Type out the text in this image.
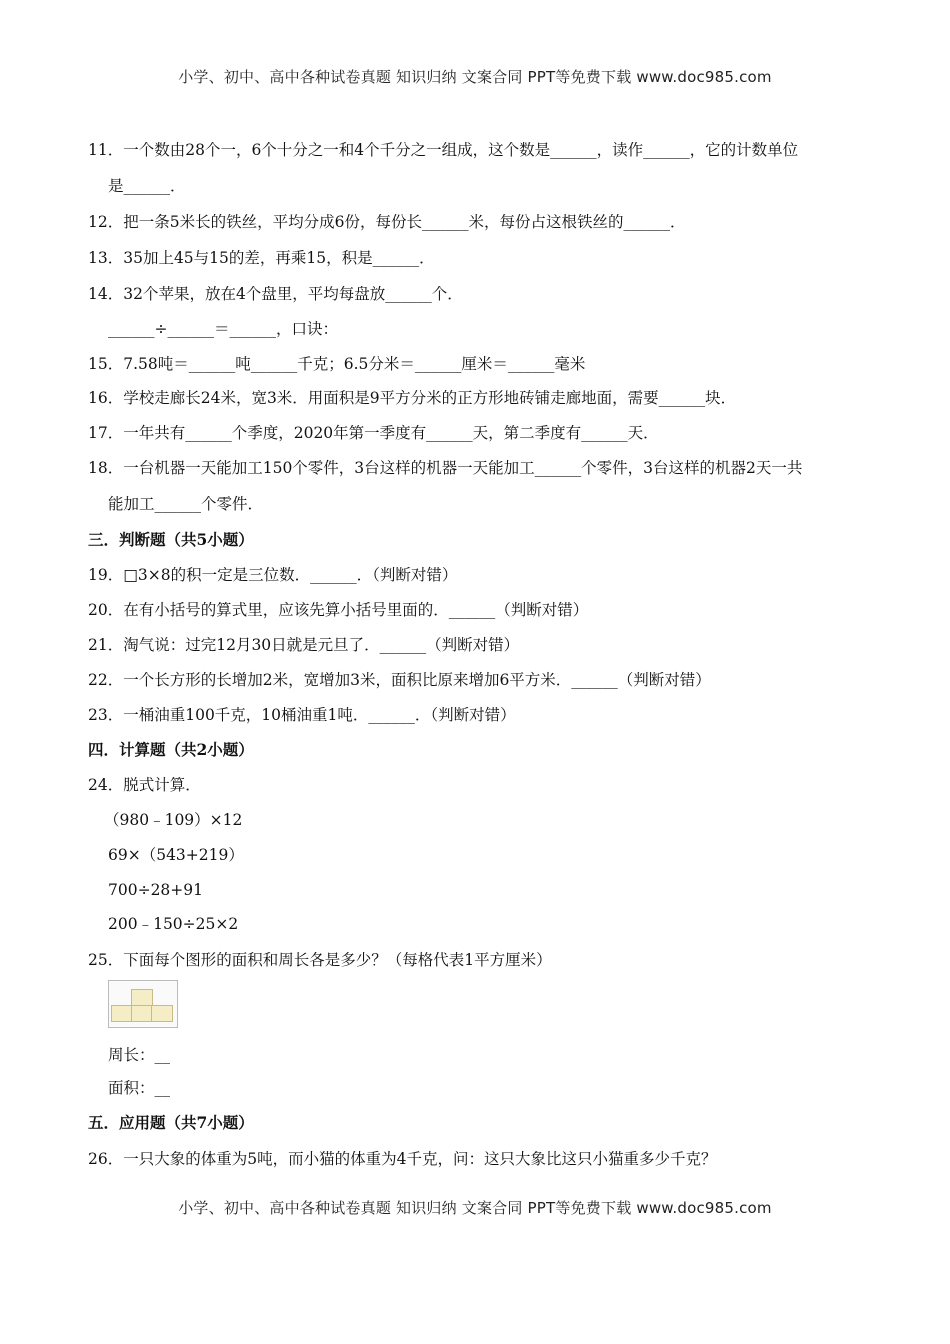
小学、初中、高中各种试卷真题 知识归纳 文案合同 PPT等免费下载 www.doc985.com
11．一个数由28个一，6个十分之一和4个千分之一组成，这个数是______，读作______，它的计数单位
是______．
12．把一条5米长的铁丝，平均分成6份，每份长______米，每份占这根铁丝的______．
13．35加上45与15的差，再乘15，积是______．
14．32个苹果，放在4个盘里，平均每盘放______个．
______÷______＝______，口诀：
15．7.58吨＝______吨______千克；6.5分米＝______厘米＝______毫米
16．学校走廊长24米，宽3米．用面积是9平方分米的正方形地砖铺走廊地面，需要______块．
17．一年共有______个季度，2020年第一季度有______天，第二季度有______天．
18．一台机器一天能加工150个零件，3台这样的机器一天能加工______个零件，3台这样的机器2天一共
能加工______个零件．
三．判断题（共5小题）
19．□3×8的积一定是三位数．______．（判断对错）
20．在有小括号的算式里，应该先算小括号里面的．______（判断对错）
21．淘气说：过完12月30日就是元旦了．______（判断对错）
22．一个长方形的长增加2米，宽增加3米，面积比原来增加6平方米．______（判断对错）
23．一桶油重100千克，10桶油重1吨．______．（判断对错）
四．计算题（共2小题）
24．脱式计算．
（980﹣109）×12
69×（543+219）
700÷28+91
200﹣150÷25×2
25．下面每个图形的面积和周长各是多少？（每格代表1平方厘米）
周长：__
面积：__
五．应用题（共7小题）
26．一只大象的体重为5吨，而小猫的体重为4千克，问：这只大象比这只小猫重多少千克？
小学、初中、高中各种试卷真题 知识归纳 文案合同 PPT等免费下载 www.doc985.com
